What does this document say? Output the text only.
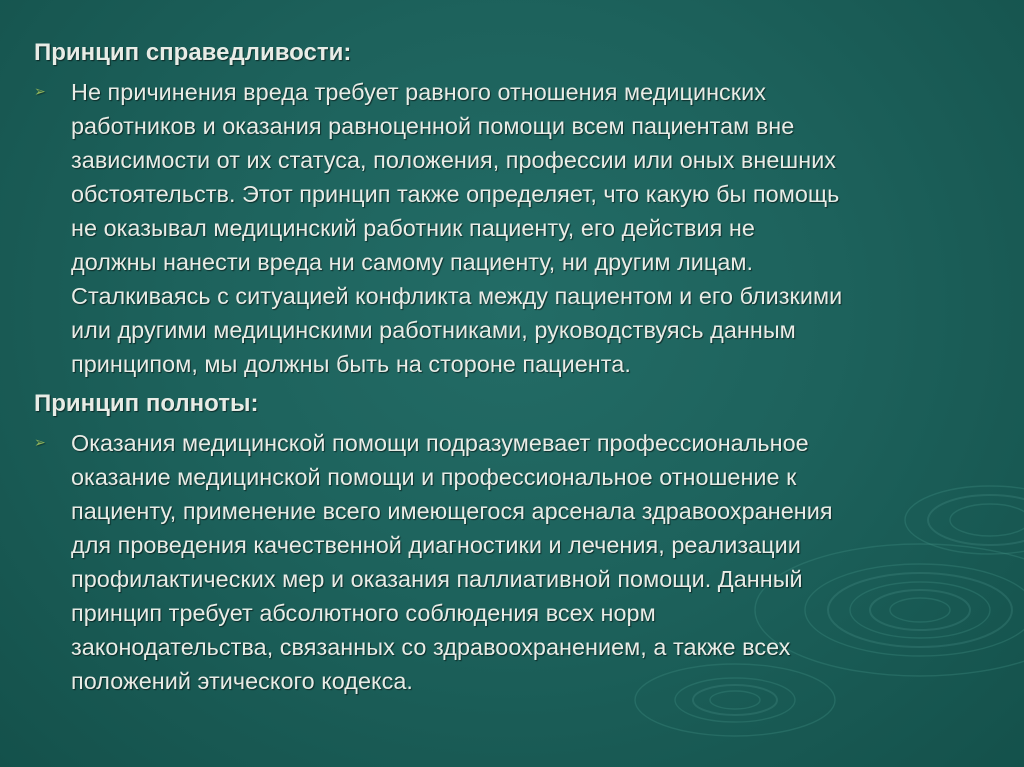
Принцип справедливости:
➢ Не причинения вреда требует равного отношения медицинских
работников и оказания равноценной помощи всем пациентам вне
зависимости от их статуса, положения, профессии или оных внешних
обстоятельств. Этот принцип также определяет, что какую бы помощь
не оказывал медицинский работник пациенту, его действия не
должны нанести вреда ни самому пациенту, ни другим лицам.
Сталкиваясь с ситуацией конфликта между пациентом и его близкими
или другими медицинскими работниками, руководствуясь данным
принципом, мы должны быть на стороне пациента.

Принцип полноты:
➢ Оказания медицинской помощи подразумевает профессиональное
оказание медицинской помощи и профессиональное отношение к
пациенту, применение всего имеющегося арсенала здравоохранения
для проведения качественной диагностики и лечения, реализации
профилактических мер и оказания паллиативной помощи. Данный
принцип требует абсолютного соблюдения всех норм
законодательства, связанных со здравоохранением, а также всех
положений этического кодекса.
